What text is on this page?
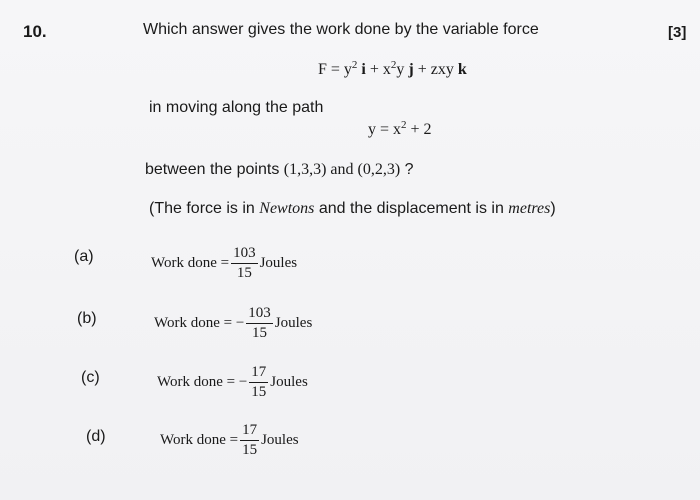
10.	[3]
Which answer gives the work done by the variable force
$F = y^2$ $i + x^2y$ j + zxy k
in moving along the path
$y = x^2 + 2$
between the points (1,3,3) and (0,2,3) ?
(The force is in Newtons and the displacement is in metres)
(a)	Work done = $\frac{103}{15}$ Joules
(b)	Work done = − $\frac{103}{15}$ Joules
(c)	Work done = − $\frac{17}{15}$ Joules
(d)	Work done = $\frac{17}{15}$ Joules
